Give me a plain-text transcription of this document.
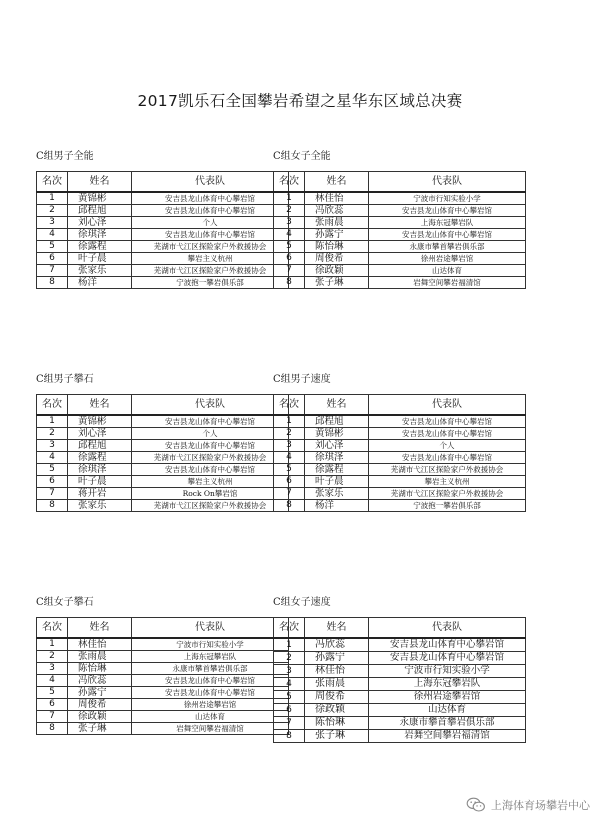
2017凯乐石全国攀岩希望之星华东区域总决赛
C组男子全能
名次	姓名	代表队
1	黄锦彬	安吉县龙山体育中心攀岩馆
2	邱程旭	安吉县龙山体育中心攀岩馆
3	刘心泽	个人
4	徐琪泽	安吉县龙山体育中心攀岩馆
5	徐露程	芜湖市弋江区探险家户外救援协会
6	叶子晨	攀岩主义杭州
7	张家乐	芜湖市弋江区探险家户外救援协会
8	杨洋	宁波抱一攀岩俱乐部
C组女子全能
名次	姓名	代表队
1	林佳怡	宁波市行知实验小学
2	冯欣蕊	安吉县龙山体育中心攀岩馆
3	张雨晨	上海东冠攀岩队
4	孙露宁	安吉县龙山体育中心攀岩馆
5	陈怡琳	永康市攀首攀岩俱乐部
6	周俊希	徐州岩途攀岩馆
7	徐政颖	山达体育
8	张子琳	岩舞空间攀岩福清馆
C组男子攀石
名次	姓名	代表队
1	黄锦彬	安吉县龙山体育中心攀岩馆
2	刘心泽	个人
3	邱程旭	安吉县龙山体育中心攀岩馆
4	徐露程	芜湖市弋江区探险家户外救援协会
5	徐琪泽	安吉县龙山体育中心攀岩馆
6	叶子晨	攀岩主义杭州
7	蒋开岩	Rock On攀岩馆
8	张家乐	芜湖市弋江区探险家户外救援协会
C组男子速度
名次	姓名	代表队
1	邱程旭	安吉县龙山体育中心攀岩馆
2	黄锦彬	安吉县龙山体育中心攀岩馆
3	刘心泽	个人
4	徐琪泽	安吉县龙山体育中心攀岩馆
5	徐露程	芜湖市弋江区探险家户外救援协会
6	叶子晨	攀岩主义杭州
7	张家乐	芜湖市弋江区探险家户外救援协会
8	杨洋	宁波抱一攀岩俱乐部
C组女子攀石
名次	姓名	代表队
1	林佳怡	宁波市行知实验小学
2	张雨晨	上海东冠攀岩队
3	陈怡琳	永康市攀首攀岩俱乐部
4	冯欣蕊	安吉县龙山体育中心攀岩馆
5	孙露宁	安吉县龙山体育中心攀岩馆
6	周俊希	徐州岩途攀岩馆
7	徐政颖	山达体育
8	张子琳	岩舞空间攀岩福清馆
C组女子速度
名次	姓名	代表队
1	冯欣蕊	安吉县龙山体育中心攀岩馆
2	孙露宁	安吉县龙山体育中心攀岩馆
3	林佳怡	宁波市行知实验小学
4	张雨晨	上海东冠攀岩队
5	周俊希	徐州岩途攀岩馆
6	徐政颖	山达体育
7	陈怡琳	永康市攀首攀岩俱乐部
8	张子琳	岩舞空间攀岩福清馆
上海体育场攀岩中心
